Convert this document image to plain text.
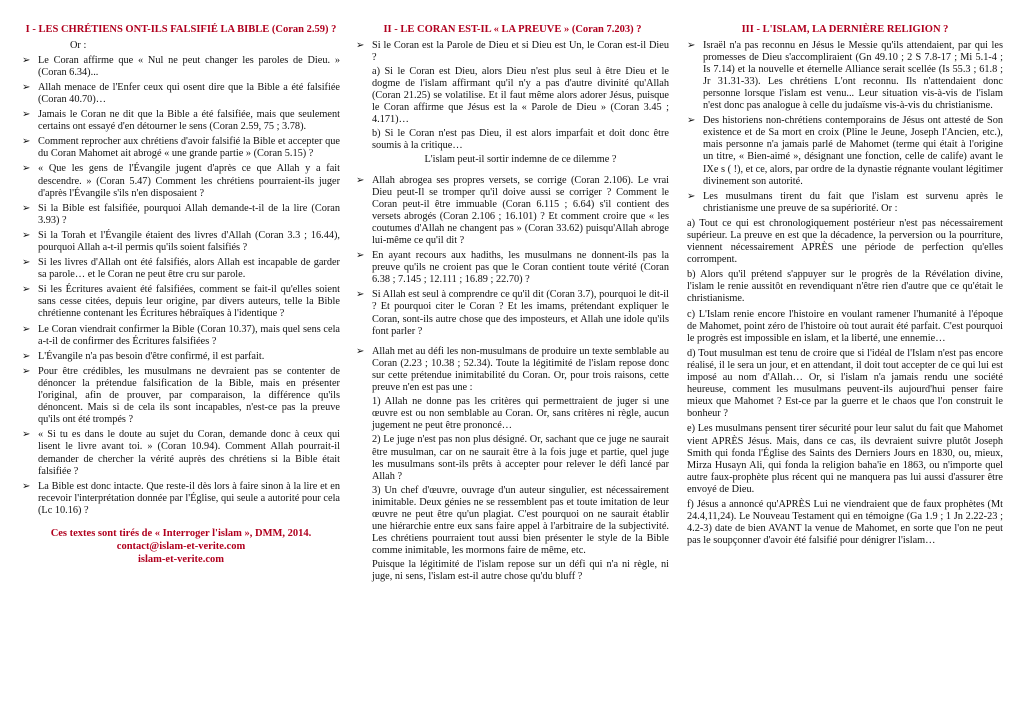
I - LES CHRÉTIENS ONT-ILS FALSIFIÉ LA BIBLE (Coran 2.59) ?
Or :
➢ Le Coran affirme que « Nul ne peut changer les paroles de Dieu. » (Coran 6.34)...
➢ Allah menace de l'Enfer ceux qui osent dire que la Bible a été falsifiée (Coran 40.70)…
➢ Jamais le Coran ne dit que la Bible a été falsifiée, mais que seulement certains ont essayé d'en détourner le sens (Coran 2.59, 75 ; 3.78).
➢ Comment reprocher aux chrétiens d'avoir falsifié la Bible et accepter que du Coran Mahomet ait abrogé « une grande partie » (Coran 5.15) ?
➢ « Que les gens de l'Évangile jugent d'après ce que Allah y a fait descendre. » (Coran 5.47) Comment les chrétiens pourraient-ils juger d'après l'Évangile s'ils n'en disposaient ?
➢ Si la Bible est falsifiée, pourquoi Allah demande-t-il de la lire (Coran 3.93) ?
➢ Si la Torah et l'Évangile étaient des livres d'Allah (Coran 3.3 ; 16.44), pourquoi Allah a-t-il permis qu'ils soient falsifiés ?
➢ Si les livres d'Allah ont été falsifiés, alors Allah est incapable de garder sa parole… et le Coran ne peut être cru sur parole.
➢ Si les Écritures avaient été falsifiées, comment se fait-il qu'elles soient sans cesse citées, depuis leur origine, par divers auteurs, telle la Bible chrétienne contenant les Écritures hébraïques à l'identique ?
➢ Le Coran viendrait confirmer la Bible (Coran 10.37), mais quel sens cela a-t-il de confirmer des Écritures falsifiées ?
➢ L'Évangile n'a pas besoin d'être confirmé, il est parfait.
➢ Pour être crédibles, les musulmans ne devraient pas se contenter de dénoncer la prétendue falsification de la Bible, mais en présenter l'original, afin de prouver, par comparaison, la différence qu'ils dénoncent. Mais si de cela ils sont incapables, n'est-ce pas la preuve qu'ils ont été trompés ?
➢ « Si tu es dans le doute au sujet du Coran, demande donc à ceux qui lisent le livre avant toi. » (Coran 10.94). Comment Allah pourrait-il demander de chercher la vérité auprès des chrétiens si la Bible était falsifiée ?
➢ La Bible est donc intacte. Que reste-il dès lors à faire sinon à la lire et en recevoir l'interprétation donnée par l'Église, qui seule a autorité pour cela (Lc 10.16) ?
Ces textes sont tirés de « Interroger l'islam », DMM, 2014.
contact@islam-et-verite.com
islam-et-verite.com
II - LE CORAN EST-IL « LA PREUVE » (Coran 7.203) ?
➢ Si le Coran est la Parole de Dieu et si Dieu est Un, le Coran est-il Dieu ?
a) Si le Coran est Dieu, alors Dieu n'est plus seul à être Dieu et le dogme de l'islam affirmant qu'il n'y a pas d'autre divinité qu'Allah (Coran 21.25) se volatilise. Et il faut même alors adorer Jésus, puisque le Coran affirme que Jésus est la « Parole de Dieu » (Coran 3.45 ; 4.171)…
b) Si le Coran n'est pas Dieu, il est alors imparfait et doit donc être soumis à la critique…
L'islam peut-il sortir indemne de ce dilemme ?
➢ Allah abrogea ses propres versets, se corrige (Coran 2.106). Le vrai Dieu peut-Il se tromper qu'il doive aussi se corriger ? Comment le Coran peut-il être immuable (Coran 6.115 ; 6.64) s'il contient des versets abrogés (Coran 2.106 ; 16.101) ? Et comment croire que « les coutumes d'Allah ne changent pas » (Coran 33.62) puisqu'Allah abroge lui-même ce qu'il dit ?
➢ En ayant recours aux hadiths, les musulmans ne donnent-ils pas la preuve qu'ils ne croient pas que le Coran contient toute vérité (Coran 6.38 ; 7.145 ; 12.111 ; 16.89 ; 22.70) ?
➢ Si Allah est seul à comprendre ce qu'il dit (Coran 3.7), pourquoi le dit-il ? Et pourquoi citer le Coran ? Et les imams, prétendant expliquer le Coran, sont-ils autre chose que des imposteurs, et Allah une idole qu'ils font parler ?
➢ Allah met au défi les non-musulmans de produire un texte semblable au Coran (2.23 ; 10.38 ; 52.34). Toute la légitimité de l'islam repose donc sur cette prétendue inimitabilité du Coran. Or, pour trois raisons, cette preuve n'en est pas une :
1) Allah ne donne pas les critères qui permettraient de juger si une œuvre est ou non semblable au Coran. Or, sans critères ni règle, aucun jugement ne peut être prononcé…
2) Le juge n'est pas non plus désigné. Or, sachant que ce juge ne saurait être musulman, car on ne saurait être à la fois juge et partie, quel juge les musulmans sont-ils prêts à accepter pour relever le défi lancé par Allah ?
3) Un chef d'œuvre, ouvrage d'un auteur singulier, est nécessairement inimitable. Deux génies ne se ressemblent pas et toute imitation de leur œuvre ne peut être qu'un plagiat. C'est pourquoi on ne saurait établir une hiérarchie entre eux sans faire appel à l'arbitraire de la subjectivité. Les chrétiens pourraient tout aussi bien présenter le style de la Bible comme inimitable, les mormons faire de même, etc.
Puisque la légitimité de l'islam repose sur un défi qui n'a ni règle, ni juge, ni sens, l'islam est-il autre chose qu'du bluff ?
III - L'ISLAM, LA DERNIÈRE RELIGION ?
➢ Israël n'a pas reconnu en Jésus le Messie qu'ils attendaient, par qui les promesses de Dieu s'accompliraient (Gn 49.10 ; 2 S 7.8-17 ; Mi 5.1-4 ; Is 7.14) et la nouvelle et éternelle Alliance serait scellée (Is 55.3 ; 61.8 ; Jr 31.31-33). Les chrétiens L'ont reconnu. Ils n'attendaient donc personne lorsque l'islam est venu... Leur situation vis-à-vis de l'islam n'est donc pas analogue à celle du judaïsme vis-à-vis du christianisme.
➢ Des historiens non-chrétiens contemporains de Jésus ont attesté de Son existence et de Sa mort en croix (Pline le Jeune, Joseph l'Ancien, etc.), mais personne n'a jamais parlé de Mahomet (terme qui était à l'origine un titre, « Bien-aimé », désignant une fonction, celle de calife) avant le IXe s ( !), et ce, alors, par ordre de la dynastie régnante voulant légitimer divinement son autorité.
➢ Les musulmans tirent du fait que l'islam est survenu après le christianisme une preuve de sa supériorité. Or :
a) Tout ce qui est chronologiquement postérieur n'est pas nécessairement supérieur. La preuve en est que la décadence, la perversion ou la pourriture, viennent nécessairement APRÈS une période de perfection qu'elles corrompent.
b) Alors qu'il prétend s'appuyer sur le progrès de la Révélation divine, l'islam le renie aussitôt en revendiquant n'être rien d'autre que ce qu'était le christianisme.
c) L'Islam renie encore l'histoire en voulant ramener l'humanité à l'époque de Mahomet, point zéro de l'histoire où tout aurait été parfait. C'est pourquoi le progrès est impossible en islam, et la liberté, une ennemie…
d) Tout musulman est tenu de croire que si l'idéal de l'Islam n'est pas encore réalisé, il le sera un jour, et en attendant, il doit tout accepter de ce qui lui est imposé au nom d'Allah… Or, si l'islam n'a jamais rendu une société heureuse, comment les musulmans peuvent-ils aujourd'hui penser faire mieux que Mahomet ? Est-ce par la guerre et le chaos que l'on construit le bonheur ?
e) Les musulmans pensent tirer sécurité pour leur salut du fait que Mahomet vient APRÈS Jésus. Mais, dans ce cas, ils devraient suivre plutôt Joseph Smith qui fonda l'Église des Saints des Derniers Jours en 1830, ou, mieux, Mirza Husayn Ali, qui fonda la religion baha'ie en 1863, ou n'importe quel autre faux-prophète plus récent qui ne manquera pas lui aussi d'assurer être envoyé de Dieu.
f) Jésus a annoncé qu'APRÈS Lui ne viendraient que de faux prophètes (Mt 24.4,11,24). Le Nouveau Testament qui en témoigne (Ga 1.9 ; 1 Jn 2.22-23 ; 4.2-3) date de bien AVANT la venue de Mahomet, en sorte que l'on ne peut pas le soupçonner d'avoir été falsifié pour dénigrer l'islam…
